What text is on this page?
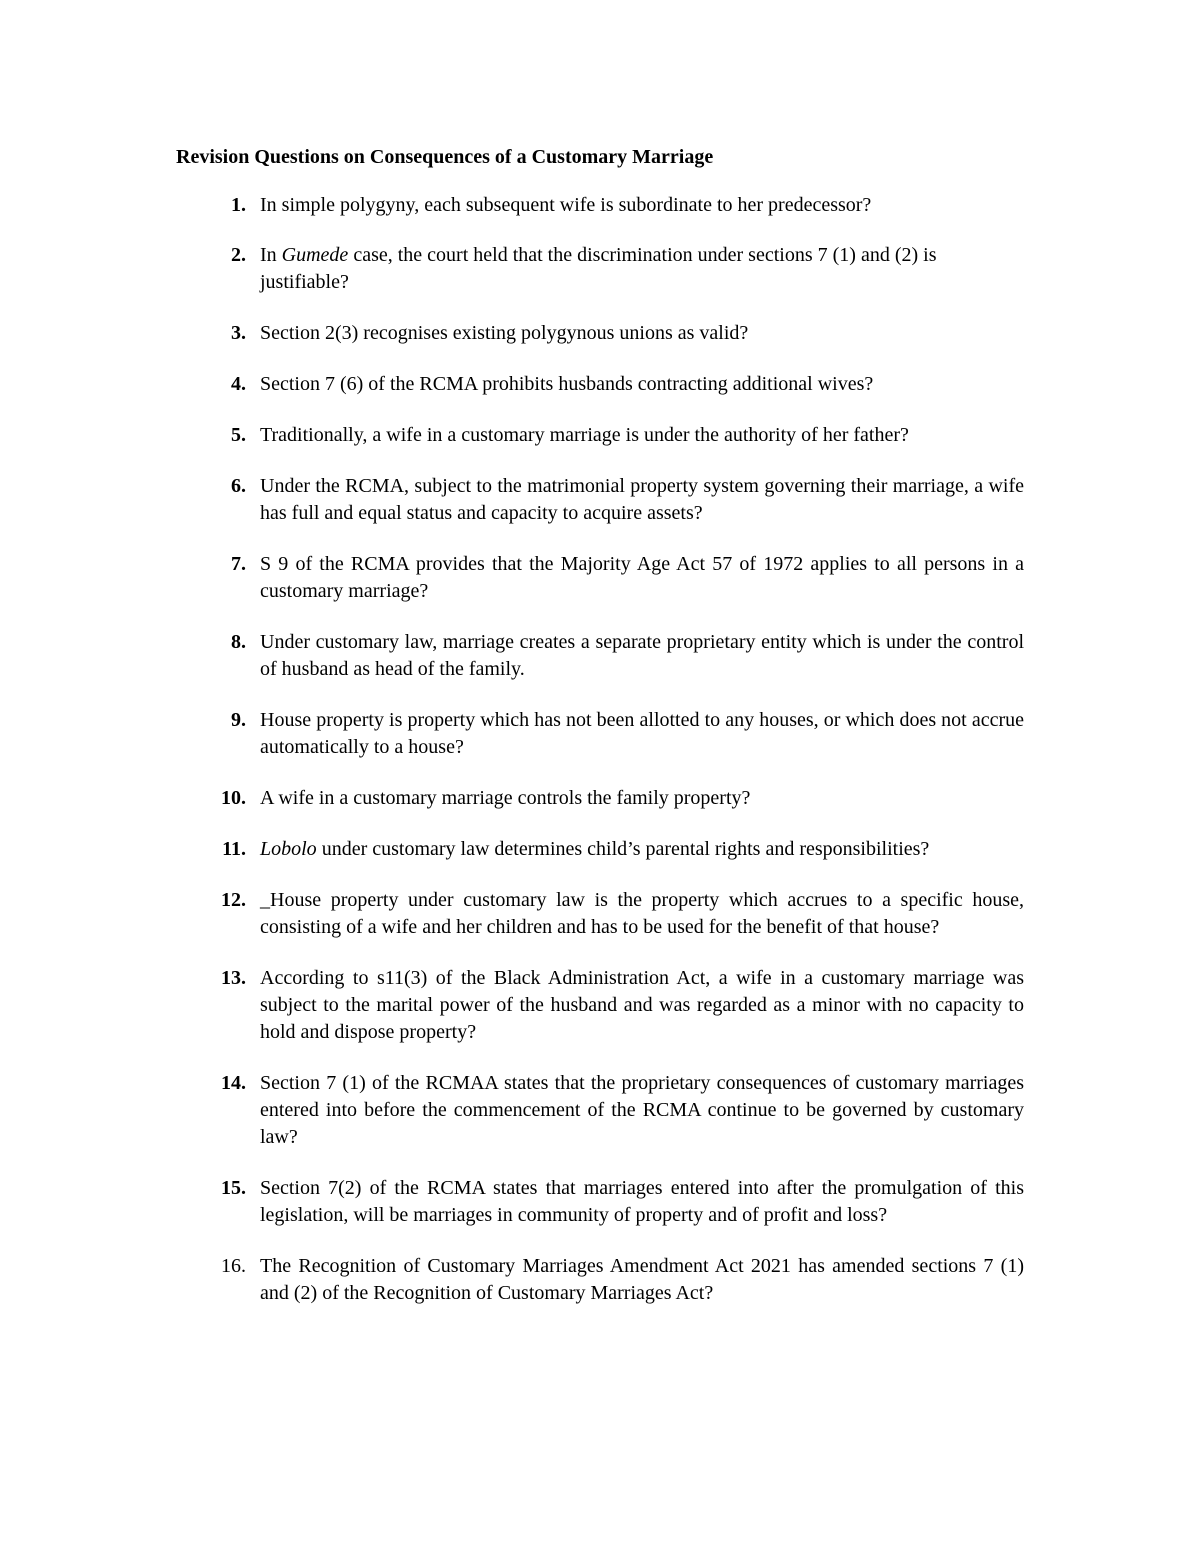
Revision Questions on Consequences of a Customary Marriage
1. In simple polygyny, each subsequent wife is subordinate to her predecessor?
2. In Gumede case, the court held that the discrimination under sections 7 (1) and (2) is justifiable?
3. Section 2(3) recognises existing polygynous unions as valid?
4. Section 7 (6) of the RCMA prohibits husbands contracting additional wives?
5. Traditionally, a wife in a customary marriage is under the authority of her father?
6. Under the RCMA, subject to the matrimonial property system governing their marriage, a wife has full and equal status and capacity to acquire assets?
7. S 9 of the RCMA provides that the Majority Age Act 57 of 1972 applies to all persons in a customary marriage?
8. Under customary law, marriage creates a separate proprietary entity which is under the control of husband as head of the family.
9. House property is property which has not been allotted to any houses, or which does not accrue automatically to a house?
10. A wife in a customary marriage controls the family property?
11. Lobolo under customary law determines child’s parental rights and responsibilities?
12. _House property under customary law is the property which accrues to a specific house, consisting of a wife and her children and has to be used for the benefit of that house?
13. According to s11(3) of the Black Administration Act, a wife in a customary marriage was subject to the marital power of the husband and was regarded as a minor with no capacity to hold and dispose property?
14. Section 7 (1) of the RCMAA states that the proprietary consequences of customary marriages entered into before the commencement of the RCMA continue to be governed by customary law?
15. Section 7(2) of the RCMA states that marriages entered into after the promulgation of this legislation, will be marriages in community of property and of profit and loss?
16. The Recognition of Customary Marriages Amendment Act 2021 has amended sections 7 (1) and (2) of the Recognition of Customary Marriages Act?
